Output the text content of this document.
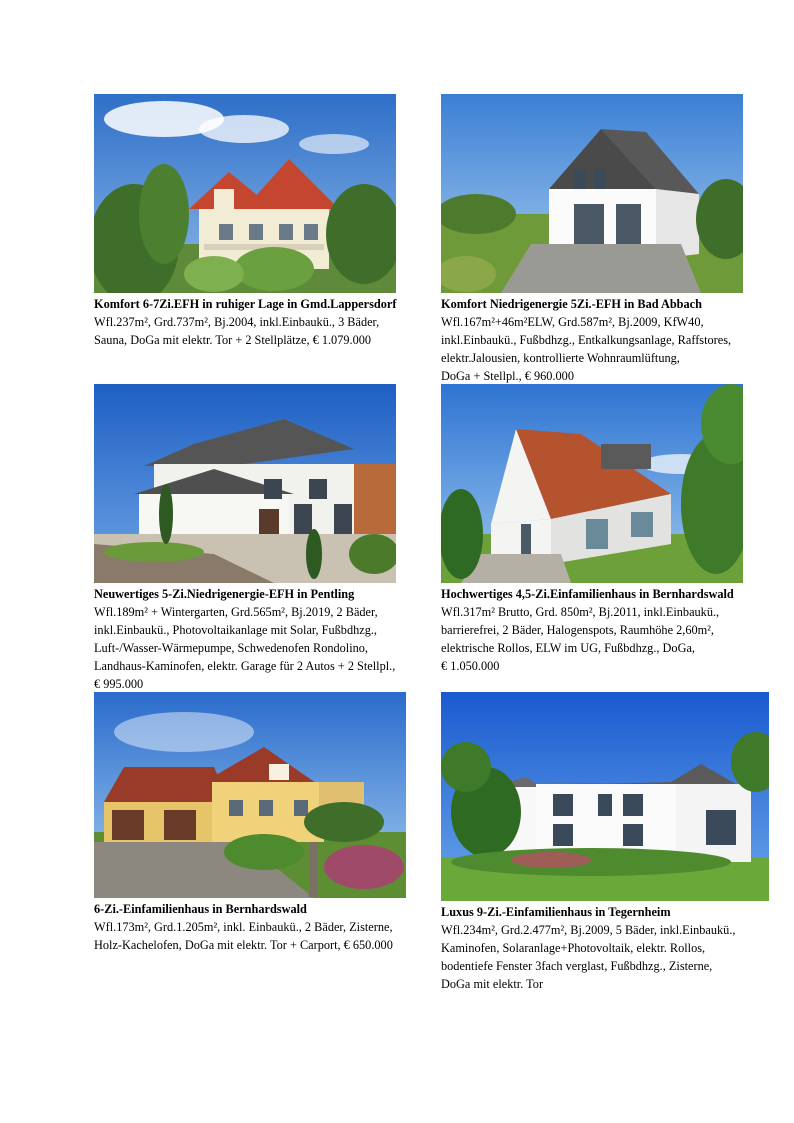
Komfort 6-7Zi.EFH in ruhiger Lage in Gmd.Lappersdorf
Wfl.237m², Grd.737m², Bj.2004, inkl.Einbaukü., 3 Bäder,
Sauna, DoGa mit elektr. Tor + 2 Stellplätze, € 1.079.000
Komfort Niedrigenergie 5Zi.-EFH in Bad Abbach
Wfl.167m²+46m²ELW, Grd.587m², Bj.2009, KfW40,
inkl.Einbaukü., Fußbdhzg., Entkalkungsanlage, Raffstores,
elektr.Jalousien, kontrollierte Wohnraumlüftung,
DoGa + Stellpl., € 960.000
Neuwertiges 5-Zi.Niedrigenergie-EFH in Pentling
Wfl.189m² + Wintergarten, Grd.565m², Bj.2019, 2 Bäder,
inkl.Einbaukü., Photovoltaikanlage mit Solar, Fußbdhzg.,
Luft-/Wasser-Wärmepumpe, Schwedenofen Rondolino,
Landhaus-Kaminofen, elektr. Garage für 2 Autos + 2 Stellpl.,
€ 995.000
Hochwertiges 4,5-Zi.Einfamilienhaus in Bernhardswald
Wfl.317m² Brutto, Grd. 850m², Bj.2011, inkl.Einbaukü.,
barrierefrei, 2 Bäder, Halogenspots, Raumhöhe 2,60m²,
elektrische Rollos, ELW im UG, Fußbdhzg., DoGa,
€ 1.050.000
6-Zi.-Einfamilienhaus in Bernhardswald
Wfl.173m², Grd.1.205m², inkl. Einbaukü., 2 Bäder, Zisterne,
Holz-Kachelofen, DoGa mit elektr. Tor + Carport, € 650.000
Luxus 9-Zi.-Einfamilienhaus in Tegernheim
Wfl.234m², Grd.2.477m², Bj.2009, 5 Bäder, inkl.Einbaukü.,
Kaminofen, Solaranlage+Photovoltaik, elektr. Rollos,
bodentiefe Fenster 3fach verglast, Fußbdhzg., Zisterne,
DoGa mit elektr. Tor
